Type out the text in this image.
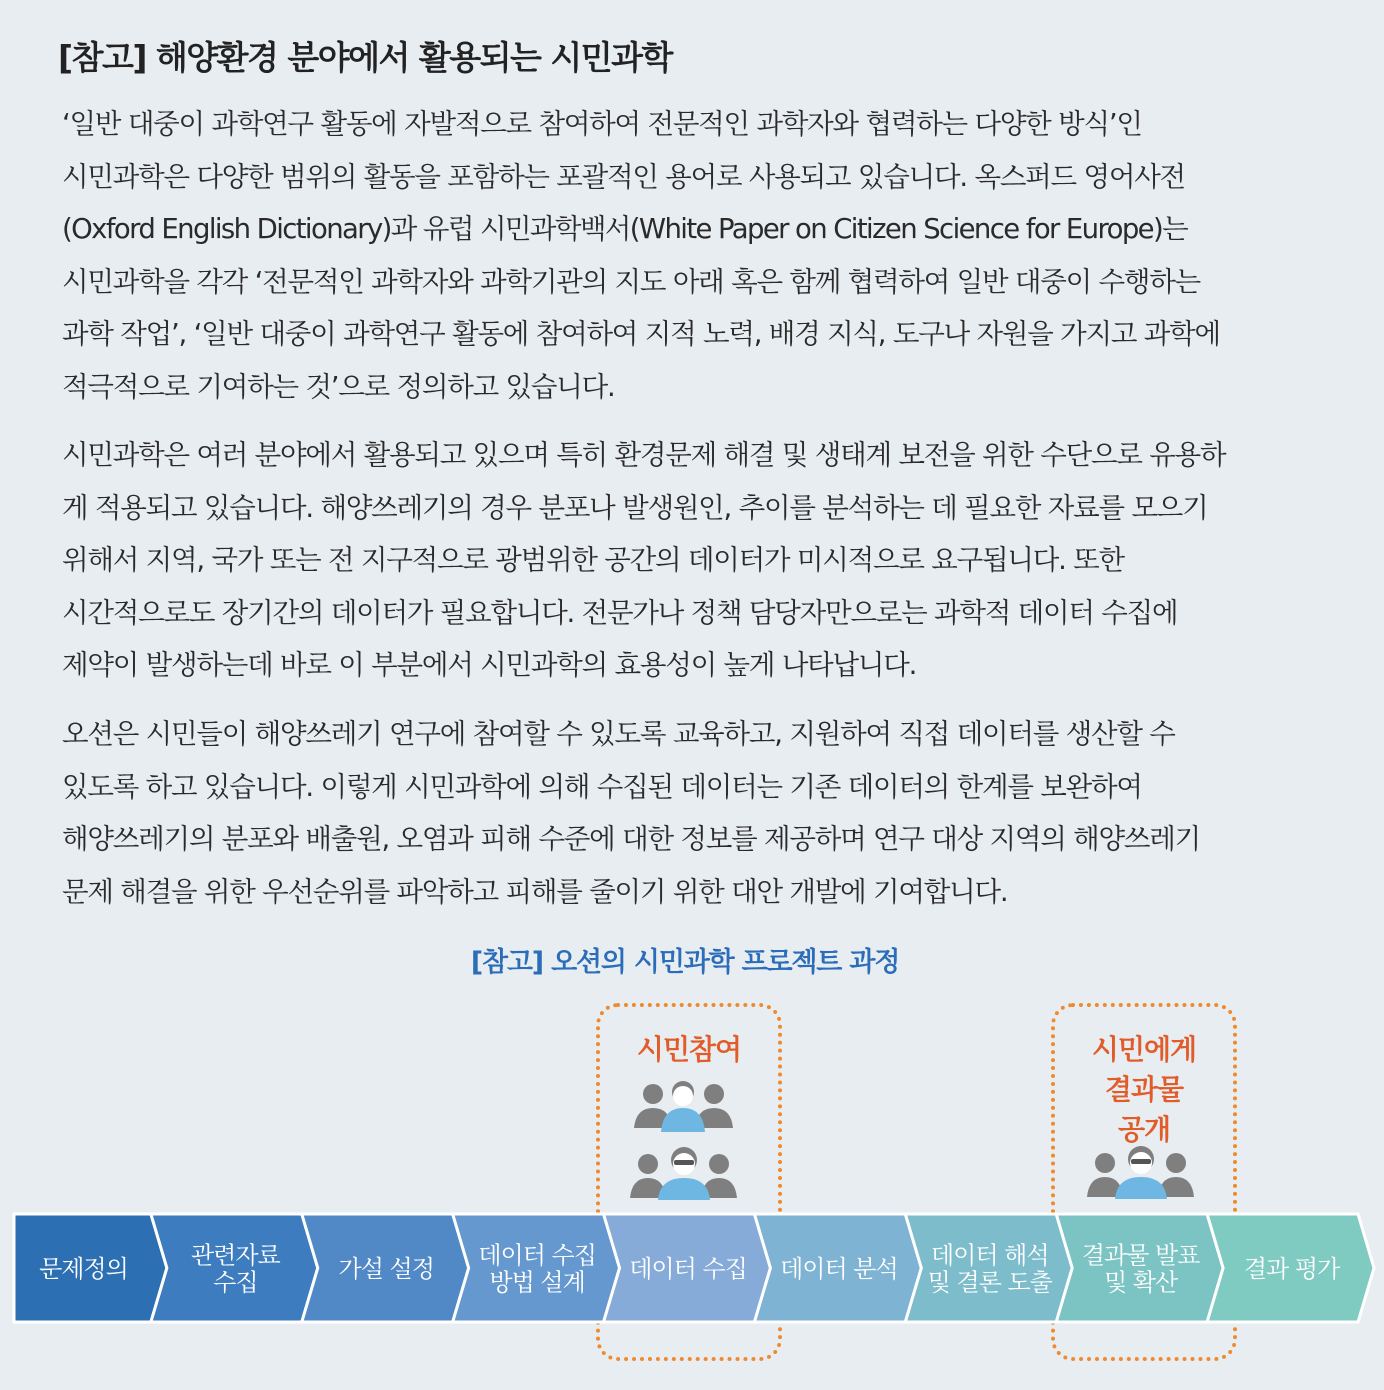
[참고] 해양환경 분야에서 활용되는 시민과학

‘일반 대중이 과학연구 활동에 자발적으로 참여하여 전문적인 과학자와 협력하는 다양한 방식’인
시민과학은 다양한 범위의 활동을 포함하는 포괄적인 용어로 사용되고 있습니다. 옥스퍼드 영어사전
(Oxford English Dictionary)과 유럽 시민과학백서(White Paper on Citizen Science for Europe)는
시민과학을 각각 ‘전문적인 과학자와 과학기관의 지도 아래 혹은 함께 협력하여 일반 대중이 수행하는
과학 작업’, ‘일반 대중이 과학연구 활동에 참여하여 지적 노력, 배경 지식, 도구나 자원을 가지고 과학에
적극적으로 기여하는 것’으로 정의하고 있습니다.

시민과학은 여러 분야에서 활용되고 있으며 특히 환경문제 해결 및 생태계 보전을 위한 수단으로 유용하
게 적용되고 있습니다. 해양쓰레기의 경우 분포나 발생원인, 추이를 분석하는 데 필요한 자료를 모으기
위해서 지역, 국가 또는 전 지구적으로 광범위한 공간의 데이터가 미시적으로 요구됩니다. 또한
시간적으로도 장기간의 데이터가 필요합니다. 전문가나 정책 담당자만으로는 과학적 데이터 수집에
제약이 발생하는데 바로 이 부분에서 시민과학의 효용성이 높게 나타납니다.

오션은 시민들이 해양쓰레기 연구에 참여할 수 있도록 교육하고, 지원하여 직접 데이터를 생산할 수
있도록 하고 있습니다. 이렇게 시민과학에 의해 수집된 데이터는 기존 데이터의 한계를 보완하여
해양쓰레기의 분포와 배출원, 오염과 피해 수준에 대한 정보를 제공하며 연구 대상 지역의 해양쓰레기
문제 해결을 위한 우선순위를 파악하고 피해를 줄이기 위한 대안 개발에 기여합니다.

[참고] 오션의 시민과학 프로젝트 과정
시민참여	시민에게
결과물
공개
문제정의	관련자료
수집	가설 설정 데이터 수집
방법 설계 데이터 수집 데이터 분석 데이터 해석
및 결론 도출
결과물 발표
및 확산	결과 평가
